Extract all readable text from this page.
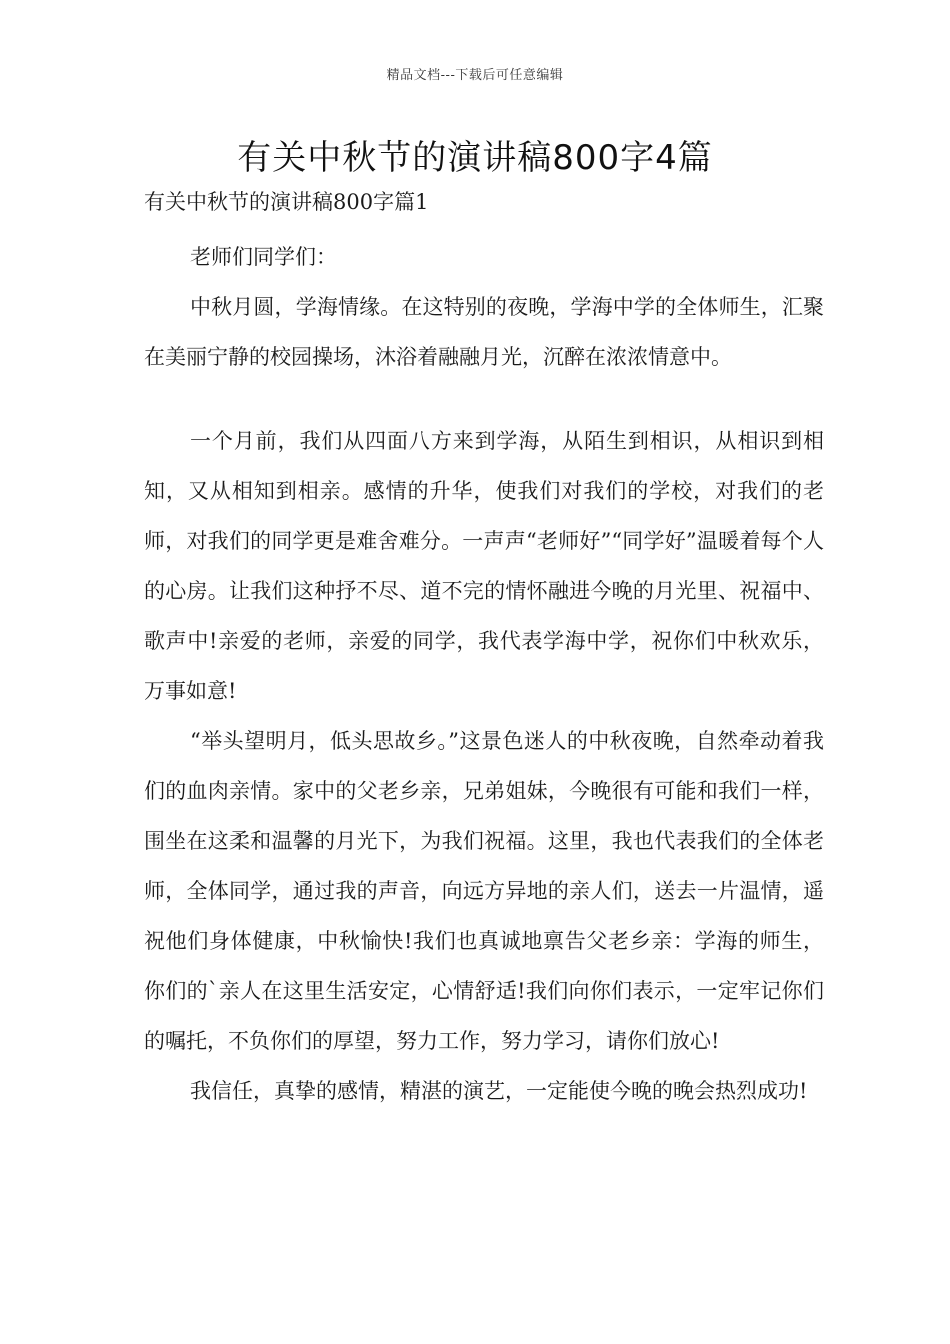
精品文档---下载后可任意编辑
有关中秋节的演讲稿800字4篇
有关中秋节的演讲稿800字篇1

老师们同学们：

中秋月圆，学海情缘。在这特别的夜晚，学海中学的全体师生，汇聚在美丽宁静的校园操场，沐浴着融融月光，沉醉在浓浓情意中。

一个月前，我们从四面八方来到学海，从陌生到相识，从相识到相知，又从相知到相亲。感情的升华，使我们对我们的学校，对我们的老师，对我们的同学更是难舍难分。一声声“老师好”“同学好”温暖着每个人的心房。让我们这种抒不尽、道不完的情怀融进今晚的月光里、祝福中、歌声中!亲爱的老师，亲爱的同学，我代表学海中学，祝你们中秋欢乐，万事如意!

“举头望明月，低头思故乡。”这景色迷人的中秋夜晚，自然牵动着我们的血肉亲情。家中的父老乡亲，兄弟姐妹，今晚很有可能和我们一样，围坐在这柔和温馨的月光下，为我们祝福。这里，我也代表我们的全体老师，全体同学，通过我的声音，向远方异地的亲人们，送去一片温情，遥祝他们身体健康，中秋愉快!我们也真诚地禀告父老乡亲：学海的师生，你们的`亲人在这里生活安定，心情舒适!我们向你们表示，一定牢记你们的嘱托，不负你们的厚望，努力工作，努力学习，请你们放心!

我信任，真挚的感情，精湛的演艺，一定能使今晚的晚会热烈成功!
